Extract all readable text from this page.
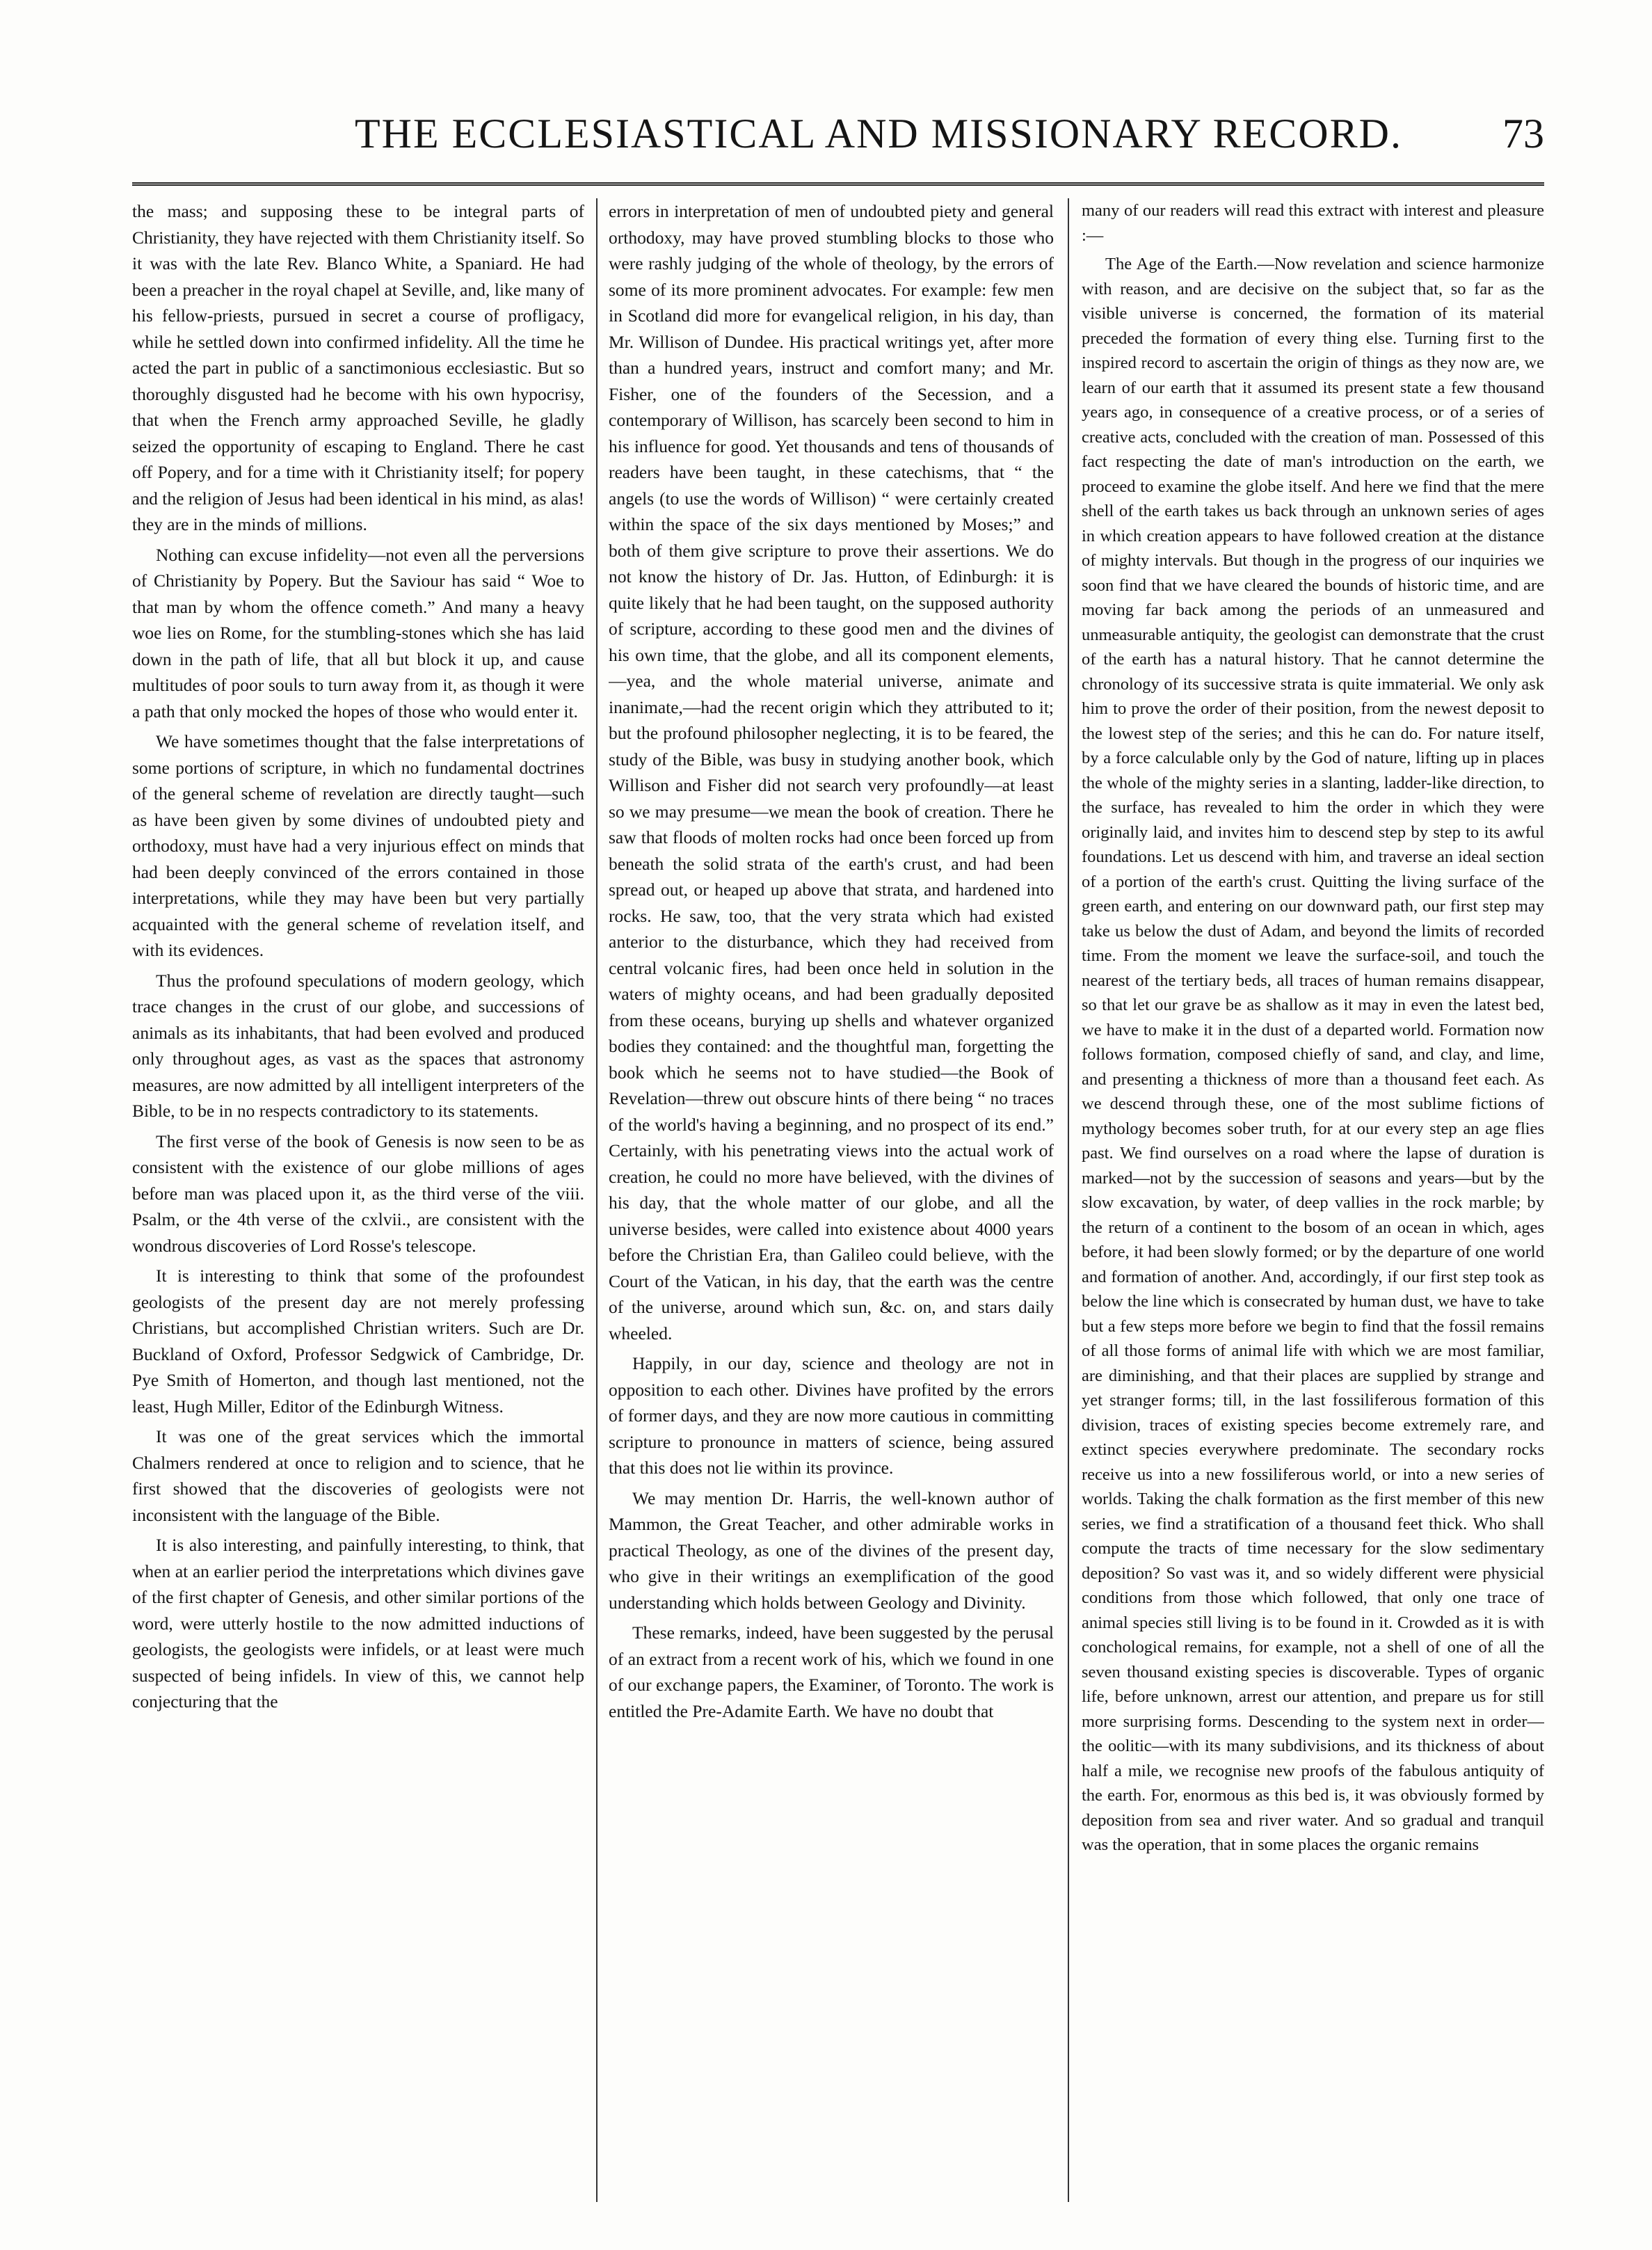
THE ECCLESIASTICAL AND MISSIONARY RECORD. 73

the mass; and supposing these to be integral parts of Christianity, they have rejected with them Christianity itself. So it was with the late Rev. Blanco White, a Spaniard. He had been a preacher in the royal chapel at Seville, and, like many of his fellow-priests, pursued in secret a course of profligacy, while he settled down into confirmed infidelity. All the time he acted the part in public of a sanctimonious ecclesiastic. But so thoroughly disgusted had he become with his own hypocrisy, that when the French army approached Seville, he gladly seized the opportunity of escaping to England. There he cast off Popery, and for a time with it Christianity itself; for popery and the religion of Jesus had been identical in his mind, as alas! they are in the minds of millions.

Nothing can excuse infidelity—not even all the perversions of Christianity by Popery. But the Saviour has said “ Woe to that man by whom the offence cometh.” And many a heavy woe lies on Rome, for the stumbling-stones which she has laid down in the path of life, that all but block it up, and cause multitudes of poor souls to turn away from it, as though it were a path that only mocked the hopes of those who would enter it.

We have sometimes thought that the false interpretations of some portions of scripture, in which no fundamental doctrines of the general scheme of revelation are directly taught—such as have been given by some divines of undoubted piety and orthodoxy, must have had a very injurious effect on minds that had been deeply convinced of the errors contained in those interpretations, while they may have been but very partially acquainted with the general scheme of revelation itself, and with its evidences.

Thus the profound speculations of modern geology, which trace changes in the crust of our globe, and successions of animals as its inhabitants, that had been evolved and produced only throughout ages, as vast as the spaces that astronomy measures, are now admitted by all intelligent interpreters of the Bible, to be in no respects contradictory to its statements.

The first verse of the book of Genesis is now seen to be as consistent with the existence of our globe millions of ages before man was placed upon it, as the third verse of the viii. Psalm, or the 4th verse of the cxlvii., are consistent with the wondrous discoveries of Lord Rosse's telescope.

It is interesting to think that some of the profoundest geologists of the present day are not merely professing Christians, but accomplished Christian writers. Such are Dr. Buckland of Oxford, Professor Sedgwick of Cambridge, Dr. Pye Smith of Homerton, and though last mentioned, not the least, Hugh Miller, Editor of the Edinburgh Witness.

It was one of the great services which the immortal Chalmers rendered at once to religion and to science, that he first showed that the discoveries of geologists were not inconsistent with the language of the Bible.

It is also interesting, and painfully interesting, to think, that when at an earlier period the interpretations which divines gave of the first chapter of Genesis, and other similar portions of the word, were utterly hostile to the now admitted inductions of geologists, the geologists were infidels, or at least were much suspected of being infidels. In view of this, we cannot help conjecturing that the

errors in interpretation of men of undoubted piety and general orthodoxy, may have proved stumbling blocks to those who were rashly judging of the whole of theology, by the errors of some of its more prominent advocates. For example: few men in Scotland did more for evangelical religion, in his day, than Mr. Willison of Dundee. His practical writings yet, after more than a hundred years, instruct and comfort many; and Mr. Fisher, one of the founders of the Secession, and a contemporary of Willison, has scarcely been second to him in his influence for good. Yet thousands and tens of thousands of readers have been taught, in these catechisms, that “ the angels (to use the words of Willison) “ were certainly created within the space of the six days mentioned by Moses;” and both of them give scripture to prove their assertions. We do not know the history of Dr. Jas. Hutton, of Edinburgh: it is quite likely that he had been taught, on the supposed authority of scripture, according to these good men and the divines of his own time, that the globe, and all its component elements,—yea, and the whole material universe, animate and inanimate,—had the recent origin which they attributed to it; but the profound philosopher neglecting, it is to be feared, the study of the Bible, was busy in studying another book, which Willison and Fisher did not search very profoundly—at least so we may presume—we mean the book of creation. There he saw that floods of molten rocks had once been forced up from beneath the solid strata of the earth's crust, and had been spread out, or heaped up above that strata, and hardened into rocks. He saw, too, that the very strata which had existed anterior to the disturbance, which they had received from central volcanic fires, had been once held in solution in the waters of mighty oceans, and had been gradually deposited from these oceans, burying up shells and whatever organized bodies they contained: and the thoughtful man, forgetting the book which he seems not to have studied—the Book of Revelation—threw out obscure hints of there being “ no traces of the world's having a beginning, and no prospect of its end.” Certainly, with his penetrating views into the actual work of creation, he could no more have believed, with the divines of his day, that the whole matter of our globe, and all the universe besides, were called into existence about 4000 years before the Christian Era, than Galileo could believe, with the Court of the Vatican, in his day, that the earth was the centre of the universe, around which sun, &c. on, and stars daily wheeled.

Happily, in our day, science and theology are not in opposition to each other. Divines have profited by the errors of former days, and they are now more cautious in committing scripture to pronounce in matters of science, being assured that this does not lie within its province.

We may mention Dr. Harris, the well-known author of Mammon, the Great Teacher, and other admirable works in practical Theology, as one of the divines of the present day, who give in their writings an exemplification of the good understanding which holds between Geology and Divinity.

These remarks, indeed, have been suggested by the perusal of an extract from a recent work of his, which we found in one of our exchange papers, the Examiner, of Toronto. The work is entitled the Pre-Adamite Earth. We have no doubt that

many of our readers will read this extract with interest and pleasure :—

The Age of the Earth.—Now revelation and science harmonize with reason, and are decisive on the subject that, so far as the visible universe is concerned, the formation of its material preceded the formation of every thing else. Turning first to the inspired record to ascertain the origin of things as they now are, we learn of our earth that it assumed its present state a few thousand years ago, in consequence of a creative process, or of a series of creative acts, concluded with the creation of man. Possessed of this fact respecting the date of man's introduction on the earth, we proceed to examine the globe itself. And here we find that the mere shell of the earth takes us back through an unknown series of ages in which creation appears to have followed creation at the distance of mighty intervals. But though in the progress of our inquiries we soon find that we have cleared the bounds of historic time, and are moving far back among the periods of an unmeasured and unmeasurable antiquity, the geologist can demonstrate that the crust of the earth has a natural history. That he cannot determine the chronology of its successive strata is quite immaterial. We only ask him to prove the order of their position, from the newest deposit to the lowest step of the series; and this he can do. For nature itself, by a force calculable only by the God of nature, lifting up in places the whole of the mighty series in a slanting, ladder-like direction, to the surface, has revealed to him the order in which they were originally laid, and invites him to descend step by step to its awful foundations. Let us descend with him, and traverse an ideal section of a portion of the earth's crust. Quitting the living surface of the green earth, and entering on our downward path, our first step may take us below the dust of Adam, and beyond the limits of recorded time. From the moment we leave the surface-soil, and touch the nearest of the tertiary beds, all traces of human remains disappear, so that let our grave be as shallow as it may in even the latest bed, we have to make it in the dust of a departed world. Formation now follows formation, composed chiefly of sand, and clay, and lime, and presenting a thickness of more than a thousand feet each. As we descend through these, one of the most sublime fictions of mythology becomes sober truth, for at our every step an age flies past. We find ourselves on a road where the lapse of duration is marked—not by the succession of seasons and years—but by the slow excavation, by water, of deep vallies in the rock marble; by the return of a continent to the bosom of an ocean in which, ages before, it had been slowly formed; or by the departure of one world and formation of another. And, accordingly, if our first step took as below the line which is consecrated by human dust, we have to take but a few steps more before we begin to find that the fossil remains of all those forms of animal life with which we are most familiar, are diminishing, and that their places are supplied by strange and yet stranger forms; till, in the last fossiliferous formation of this division, traces of existing species become extremely rare, and extinct species everywhere predominate. The secondary rocks receive us into a new fossiliferous world, or into a new series of worlds. Taking the chalk formation as the first member of this new series, we find a stratification of a thousand feet thick. Who shall compute the tracts of time necessary for the slow sedimentary deposition? So vast was it, and so widely different were physicial conditions from those which followed, that only one trace of animal species still living is to be found in it. Crowded as it is with conchological remains, for example, not a shell of one of all the seven thousand existing species is discoverable. Types of organic life, before unknown, arrest our attention, and prepare us for still more surprising forms. Descending to the system next in order—the oolitic—with its many subdivisions, and its thickness of about half a mile, we recognise new proofs of the fabulous antiquity of the earth. For, enormous as this bed is, it was obviously formed by deposition from sea and river water. And so gradual and tranquil was the operation, that in some places the organic remains
